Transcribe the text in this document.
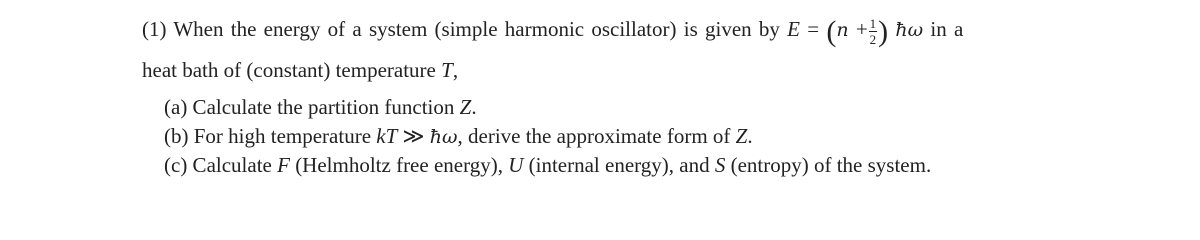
(1) When the energy of a system (simple harmonic oscillator) is given by $E = (n + \frac{1}{2}$ ) ħω in a
heat bath of (constant) temperature T,
(a) Calculate the partition function Z.
(b) For high temperature kT ≫ ħω, derive the approximate form of Z.
(c) Calculate F (Helmholtz free energy), U (internal energy), and S (entropy) of the system.
